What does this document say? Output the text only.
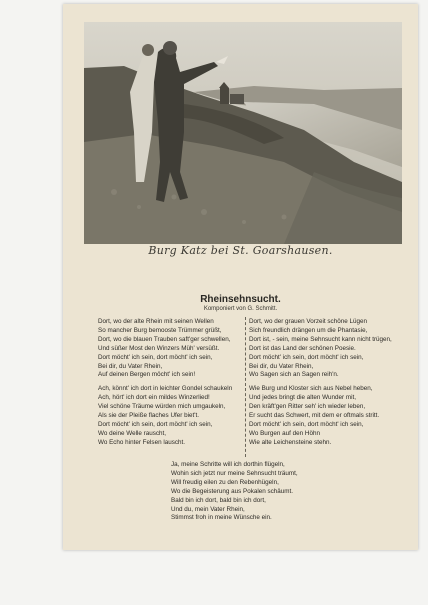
Burg Katz bei St. Goarshausen.
Rheinsehnsucht.
Komponiert von G. Schmitt.
Dort, wo der alte Rhein mit seinen Wellen
So mancher Burg bemooste Trümmer grüßt,
Dort, wo die blauen Trauben saft'ger schwellen,
Und süßer Most den Winzers Müh' versüßt.
Dort möcht' ich sein, dort möcht' ich sein,
Bei dir, du Vater Rhein,
Auf deinen Bergen möcht' ich sein!
Ach, könnt' ich dort in leichter Gondel schaukeln
Ach, hört' ich dort ein mildes Winzerlied!
Viel schöne Träume würden mich umgaukeln,
Als sie der Pleiße flaches Ufer biet't.
Dort möcht' ich sein, dort möcht' ich sein,
Wo deine Welle rauscht,
Wo Echo hinter Felsen lauscht.
Dort, wo der grauen Vorzeit schöne Lügen
Sich freundlich drängen um die Phantasie,
Dort ist, - sein, meine Sehnsucht kann nicht trügen,
Dort ist das Land der schönen Poesie.
Dort möcht' ich sein, dort möcht' ich sein,
Bei dir, du Vater Rhein,
Wo Sagen sich an Sagen reih'n.
Wie Burg und Kloster sich aus Nebel heben,
Und jedes bringt die alten Wunder mit,
Den kräft'gen Ritter seh' ich wieder leben,
Er sucht das Schwert, mit dem er oftmals stritt.
Dort möcht' ich sein, dort möcht' ich sein,
Wo Burgen auf den Höhn
Wie alte Leichensteine stehn.
Ja, meine Schritte will ich dorthin flügeln,
Wohin sich jetzt nur meine Sehnsucht träumt,
Will freudig eilen zu den Rebenhügeln,
Wo die Begeisterung aus Pokalen schäumt.
Bald bin ich dort, bald bin ich dort,
Und du, mein Vater Rhein,
Stimmst froh in meine Wünsche ein.
